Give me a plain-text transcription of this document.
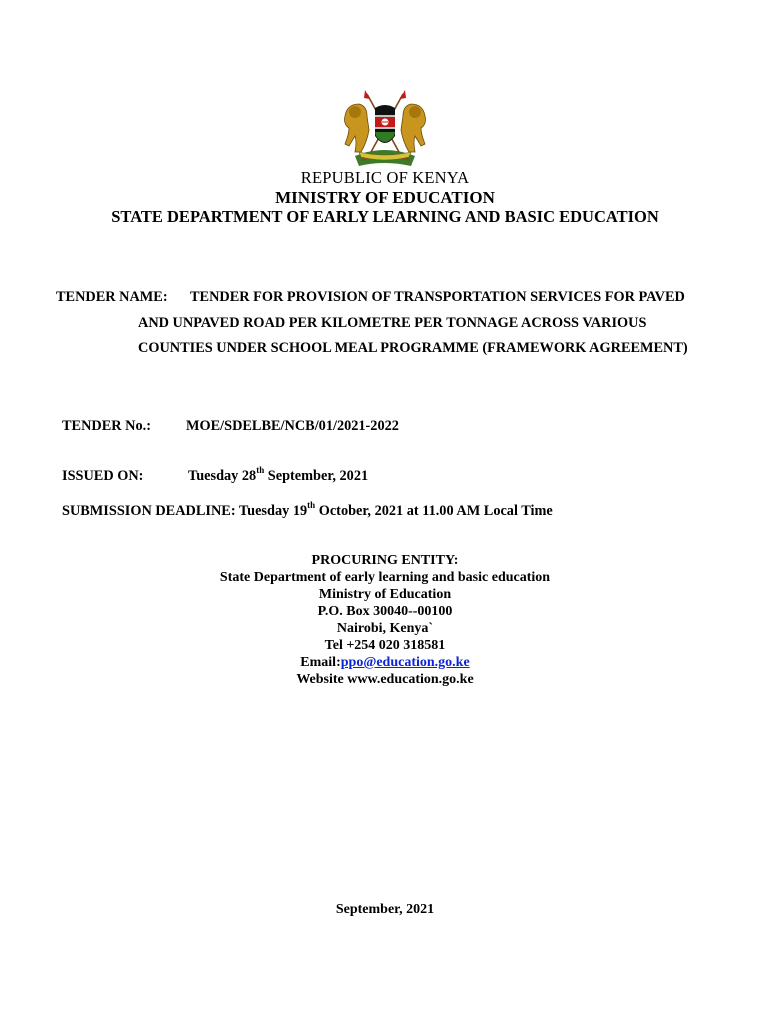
REPUBLIC OF KENYA
MINISTRY OF EDUCATION
STATE DEPARTMENT OF EARLY LEARNING AND BASIC EDUCATION
TENDER NAME: TENDER FOR PROVISION OF TRANSPORTATION SERVICES FOR PAVED
AND UNPAVED ROAD PER KILOMETRE PER TONNAGE ACROSS VARIOUS
COUNTIES UNDER SCHOOL MEAL PROGRAMME (FRAMEWORK AGREEMENT)
TENDER No.: MOE/SDELBE/NCB/01/2021-2022
ISSUED ON:	Tuesday 28th September, 2021
SUBMISSION DEADLINE: Tuesday 19th October, 2021 at 11.00 AM Local Time
PROCURING ENTITY:
State Department of early learning and basic education
Ministry of Education
P.O. Box 30040--00100
Nairobi, Kenya`
Tel +254 020 318581
Email:ppo@education.go.ke
Website www.education.go.ke
September, 2021
